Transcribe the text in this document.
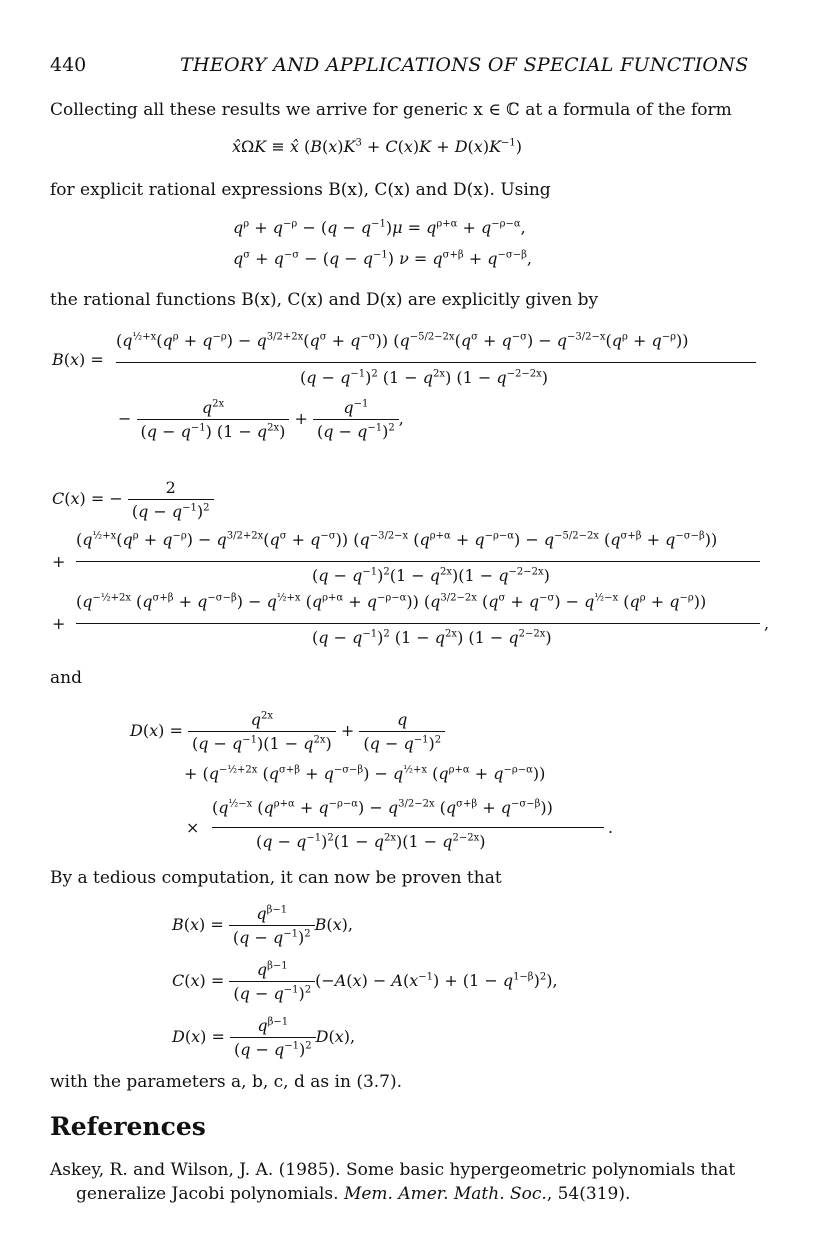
440	THEORY AND APPLICATIONS OF SPECIAL FUNCTIONS
Collecting all these results we arrive for generic x ∈ ℂ at a formula of the form
x̂ΩK ≡ x̂ $(B(x)K^3 + C(x)K + D(x)K^{-1})$
for explicit rational expressions B(x), C(x) and D(x). Using
$q^\rho + q^{-\rho} - (q - q^{-1})\mu = q^{\rho+\alpha} + q^{-\rho-\alpha}$,
$q^\sigma + q^{-\sigma} - (q - q^{-1}) \nu = q^{\sigma+\beta} + q^{-\sigma-\beta}$,
the rational functions B(x), C(x) and D(x) are explicitly given by
B(x) =
$(q^{\frac{1}{2}+x}(q^\rho + q^{-\rho}) - q^{3/2+2x}(q^\sigma + q^{-\sigma})) (q^{-5/2-2x}(q^\sigma + q^{-\sigma}) - q^{-3/2-x}(q^\rho + q^{-\rho}))$
$(q - q^{-1})^2$ $(1 - q^{2x})$ $(1 - q^{-2-2x})$
− $\frac{q^{2x}}{(q - q^{-1}) (1 - q^{2x})} + \frac{q^{-1}}{(q - q^{-1})^2}$ ,
C(x) = − $\frac{2}{(q - q^{-1})^2}$
+
$(q^{\frac{1}{2}+x}(q^\rho + q^{-\rho}) - q^{3/2+2x}(q^\sigma + q^{-\sigma}))$ ($q^{-3/2-x}$ $(q^{\rho+\alpha} + q^{-\rho-\alpha}) - q^{-5/2-2x}$ $(q^{\sigma+\beta} + q^{-\sigma-\beta})$)
$(q - q^{-1})^2(1 - q^{2x})(1 - q^{-2-2x})$
+
($q^{-\frac{1}{2}+2x}$ $(q^{\sigma+\beta} + q^{-\sigma-\beta}) - q^{\frac{1}{2}+x}$ $(q^{\rho+\alpha} + q^{-\rho-\alpha})$) ($q^{3/2-2x}$ $(q^\sigma + q^{-\sigma}) - q^{\frac{1}{2}-x}$ $(q^\rho + q^{-\rho})$)
,
$(q - q^{-1})^2$ $(1 - q^{2x})$ $(1 - q^{2-2x})$
and
$D(x) = \frac{q^{2x}}{(q - q^{-1})(1 - q^{2x})} + \frac{q}{(q - q^{-1})^2}$
+ ($q^{-\frac{1}{2}+2x}$ $(q^{\sigma+\beta} + q^{-\sigma-\beta}) - q^{\frac{1}{2}+x}$ $(q^{\rho+\alpha} + q^{-\rho-\alpha})$)
×
($q^{\frac{1}{2}-x}$ $(q^{\rho+\alpha} + q^{-\rho-\alpha}) - q^{3/2-2x}$ $(q^{\sigma+\beta} + q^{-\sigma-\beta})$)
.
$(q - q^{-1})^2(1 - q^{2x})(1 - q^{2-2x})$
By a tedious computation, it can now be proven that
$B(x) = \frac{q^{\beta-1}}{(q - q^{-1})^2} B(x)$,
$C(x) = \frac{q^{\beta-1}}{(q - q^{-1})^2} (-A(x) - A(x^{-1}) + (1 - q^{1-\beta})^2)$,
$D(x) = \frac{q^{\beta-1}}{(q - q^{-1})^2} D(x)$,
with the parameters a, b, c, d as in (3.7).
References
Askey, R. and Wilson, J. A. (1985). Some basic hypergeometric polynomials that
generalize Jacobi polynomials. Mem. Amer. Math. Soc., 54(319).
